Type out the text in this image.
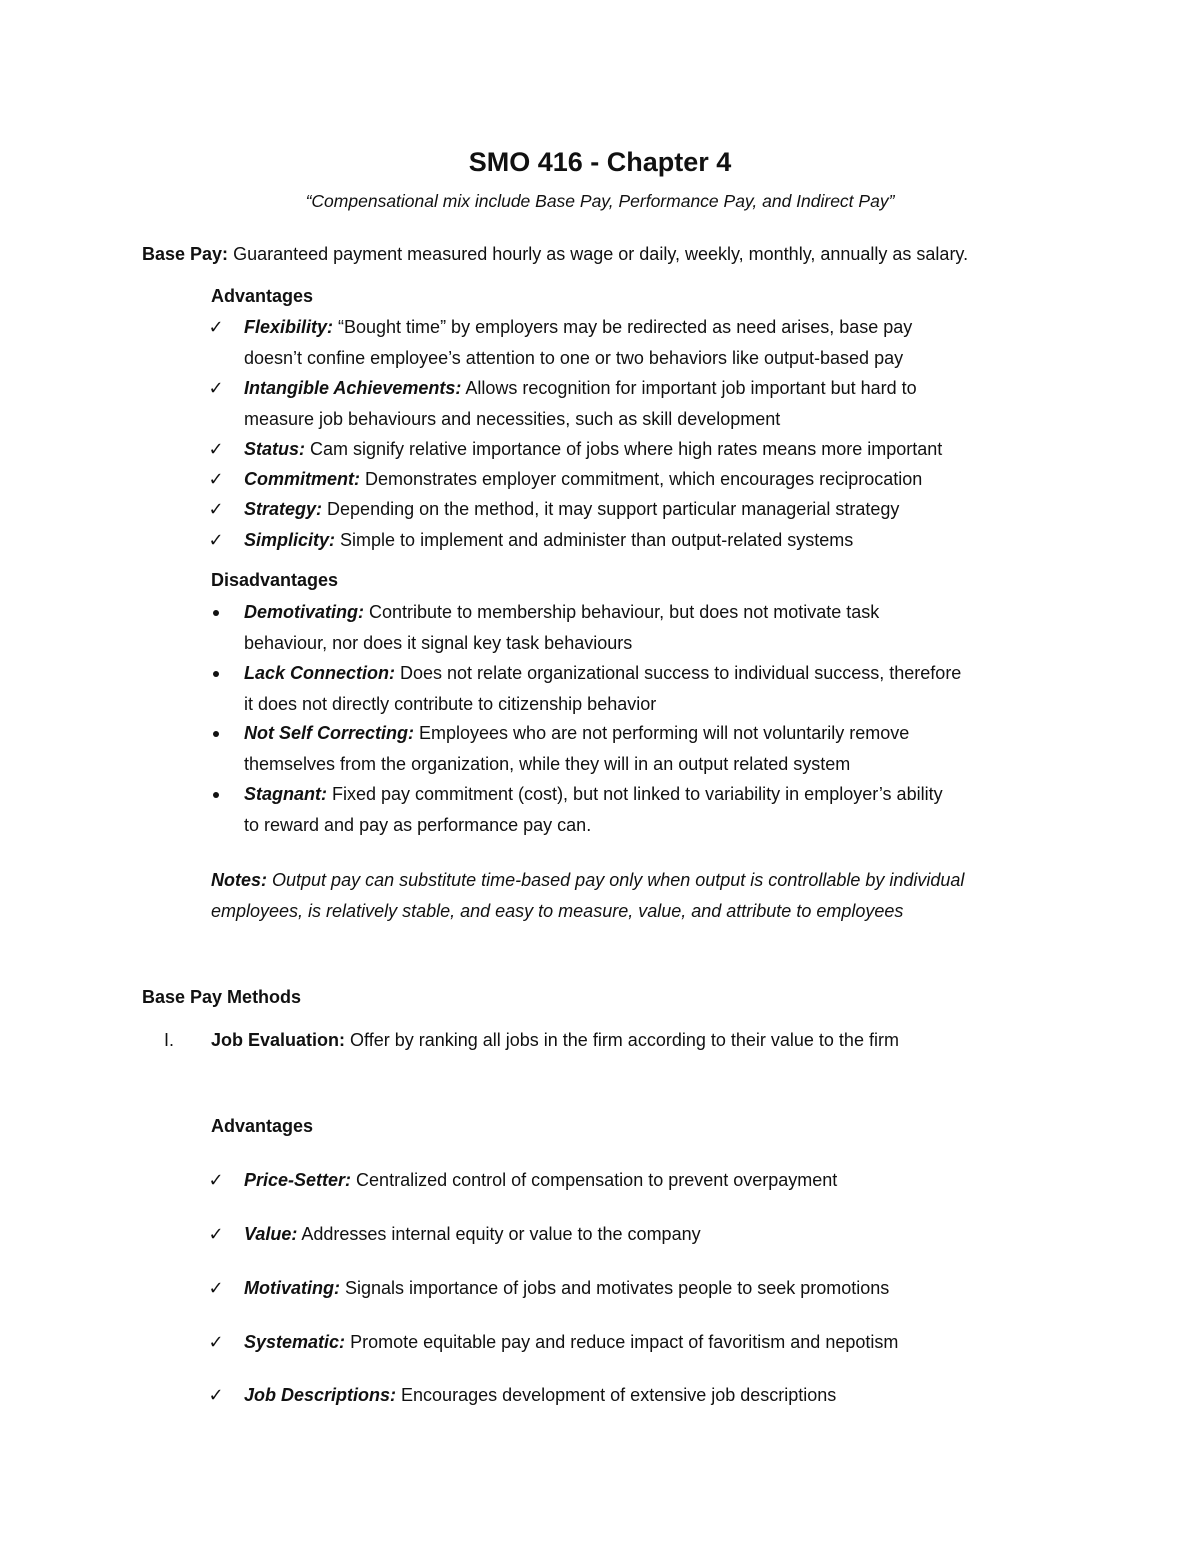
SMO 416 - Chapter 4
“Compensational mix include Base Pay, Performance Pay, and Indirect Pay”
Base Pay: Guaranteed payment measured hourly as wage or daily, weekly, monthly, annually as salary.
Advantages
✓ Flexibility: “Bought time” by employers may be redirected as need arises, base pay
doesn’t confine employee’s attention to one or two behaviors like output-based pay
✓ Intangible Achievements: Allows recognition for important job important but hard to
measure job behaviours and necessities, such as skill development
✓ Status: Cam signify relative importance of jobs where high rates means more important
✓ Commitment: Demonstrates employer commitment, which encourages reciprocation
✓ Strategy: Depending on the method, it may support particular managerial strategy
✓ Simplicity: Simple to implement and administer than output-related systems
Disadvantages
Demotivating: Contribute to membership behaviour, but does not motivate task
behaviour, nor does it signal key task behaviours
Lack Connection: Does not relate organizational success to individual success, therefore
it does not directly contribute to citizenship behavior
Not Self Correcting: Employees who are not performing will not voluntarily remove
themselves from the organization, while they will in an output related system
Stagnant: Fixed pay commitment (cost), but not linked to variability in employer’s ability
to reward and pay as performance pay can.
Notes: Output pay can substitute time-based pay only when output is controllable by individual
employees, is relatively stable, and easy to measure, value, and attribute to employees
Base Pay Methods
I. Job Evaluation: Offer by ranking all jobs in the firm according to their value to the firm
Advantages
✓ Price-Setter: Centralized control of compensation to prevent overpayment
✓ Value: Addresses internal equity or value to the company
✓ Motivating: Signals importance of jobs and motivates people to seek promotions
✓ Systematic: Promote equitable pay and reduce impact of favoritism and nepotism
✓ Job Descriptions: Encourages development of extensive job descriptions
